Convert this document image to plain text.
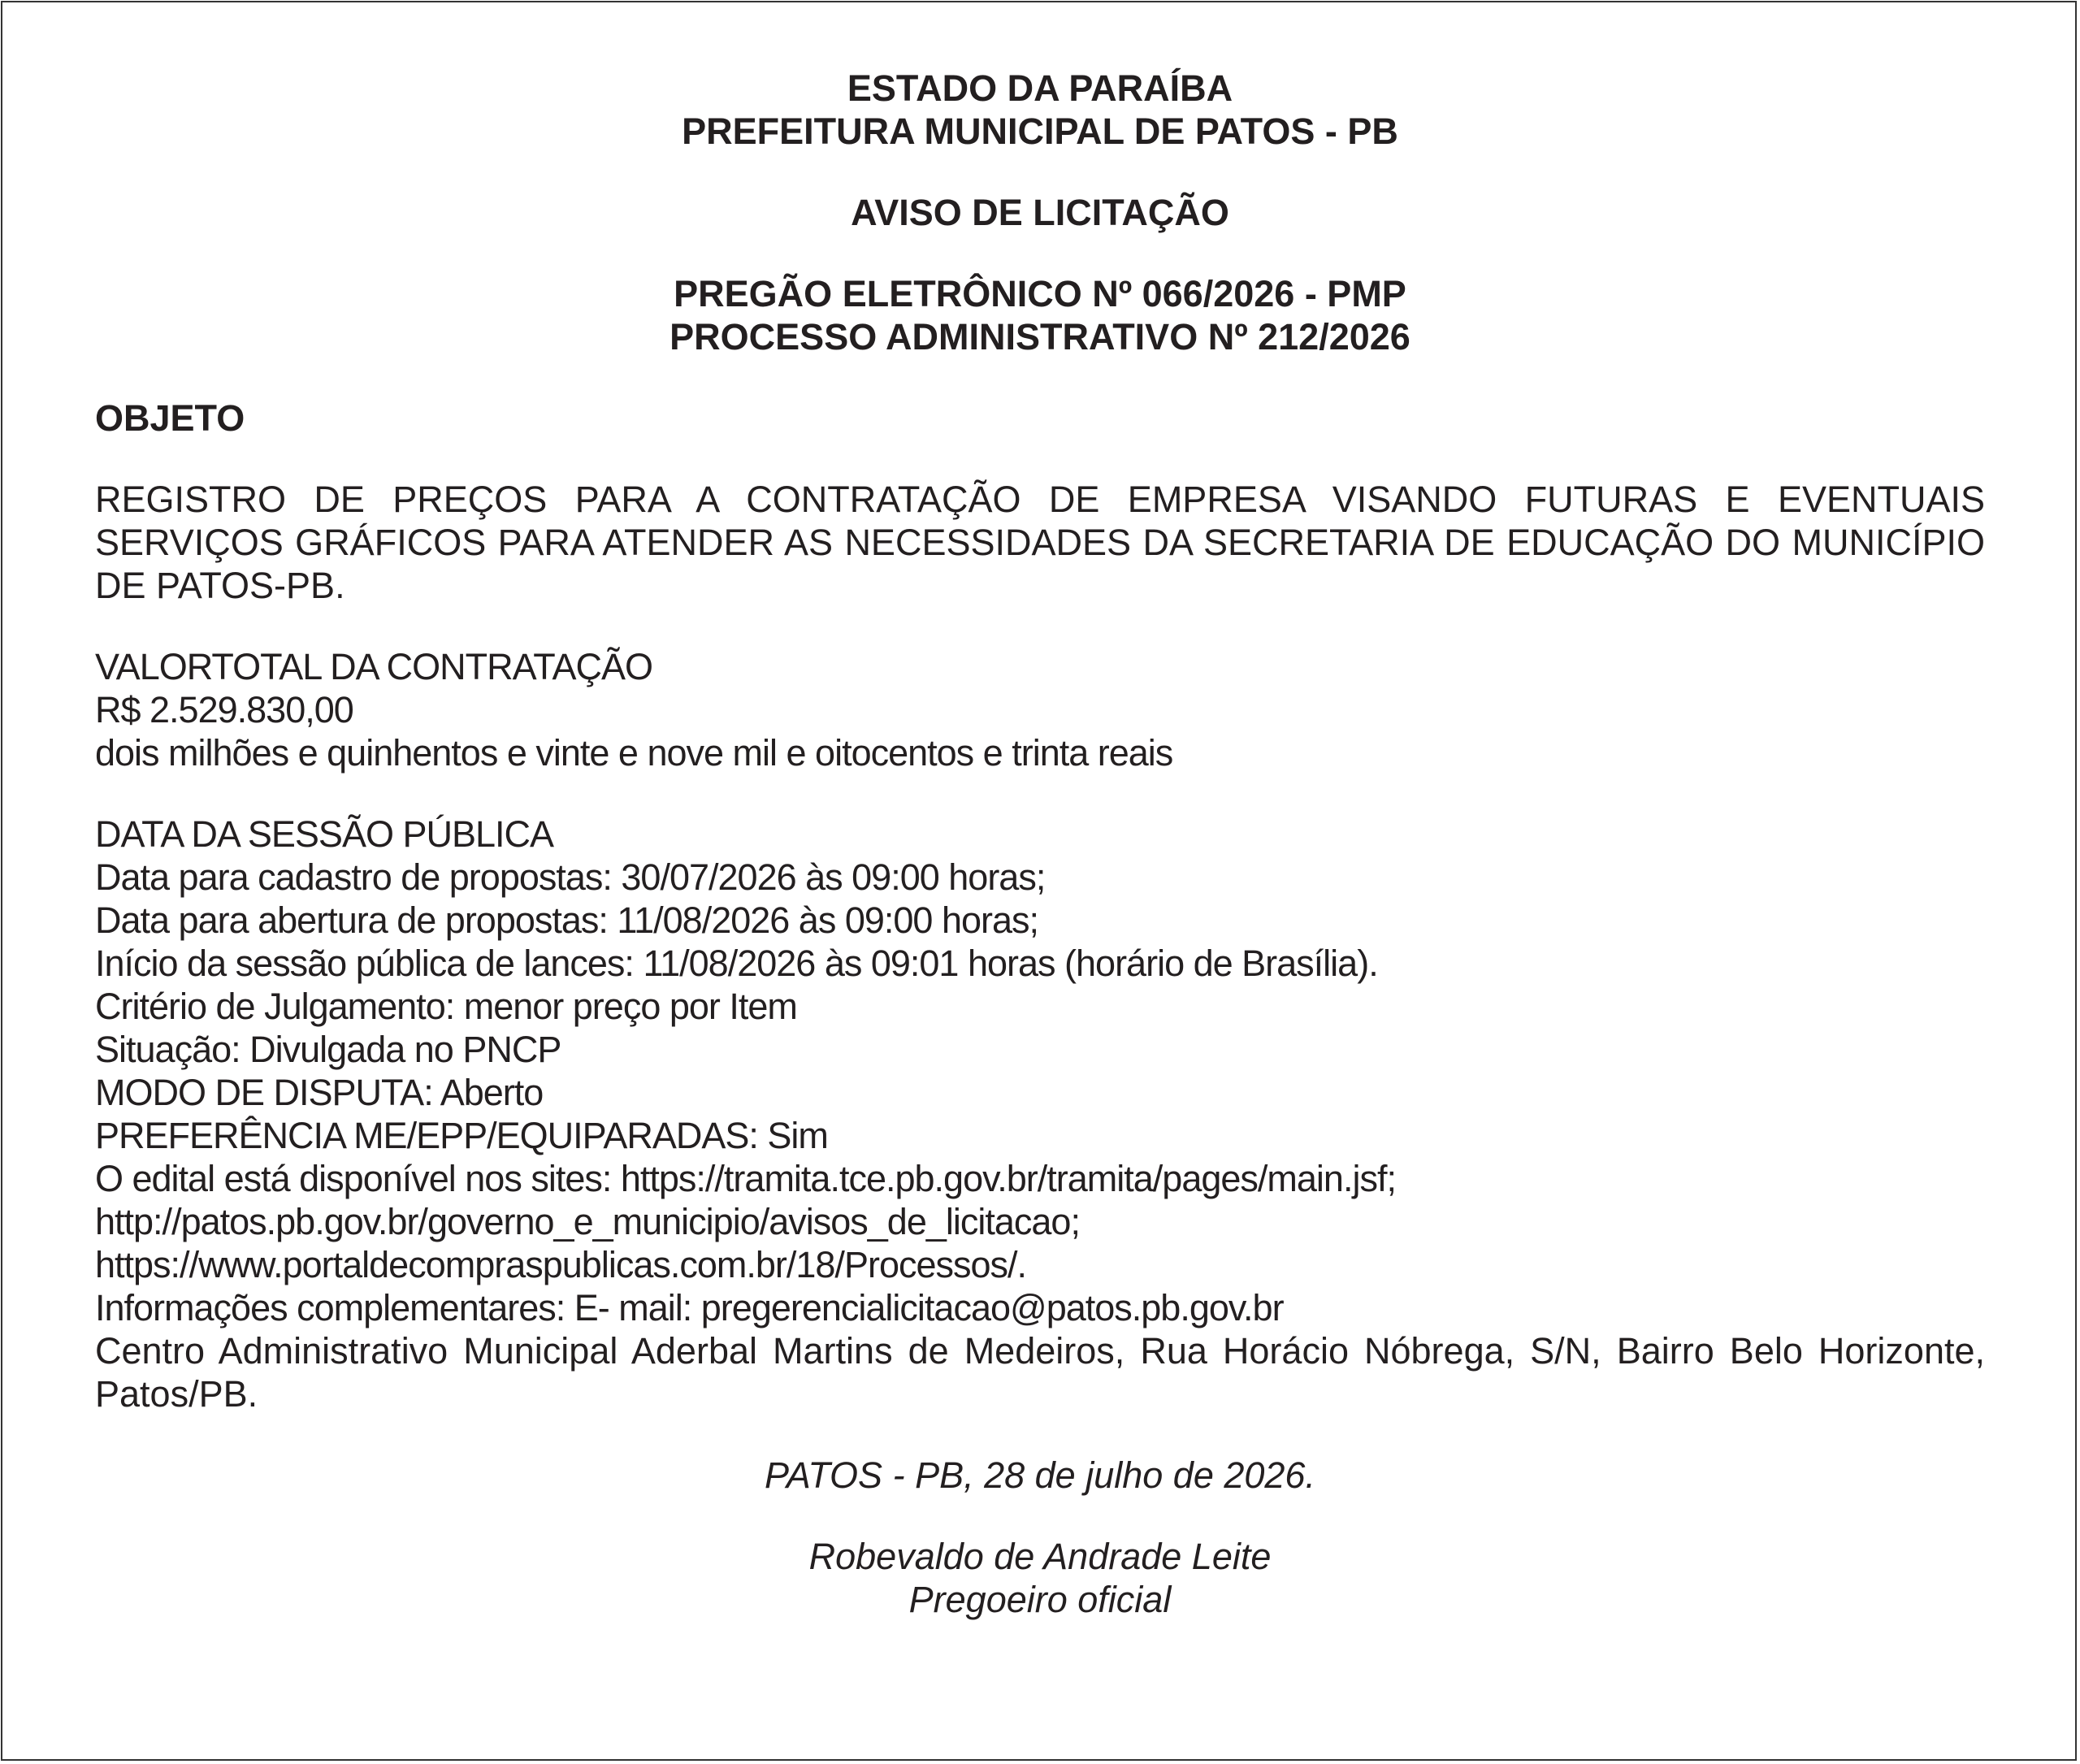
ESTADO DA PARAÍBA
PREFEITURA MUNICIPAL DE PATOS - PB
AVISO DE LICITAÇÃO
PREGÃO ELETRÔNICO Nº 066/2026 - PMP
PROCESSO ADMINISTRATIVO Nº 212/2026
OBJETO
REGISTRO DE PREÇOS PARA A CONTRATAÇÃO DE EMPRESA VISANDO FUTURAS E EVENTUAIS SERVIÇOS GRÁFICOS PARA ATENDER AS NECESSIDADES DA SECRETARIA DE EDUCAÇÃO DO MUNICÍPIO DE PATOS-PB.
VALORTOTAL DA CONTRATAÇÃO
R$ 2.529.830,00
dois milhões e quinhentos e vinte e nove mil e oitocentos e trinta reais
DATA DA SESSÃO PÚBLICA
Data para cadastro de propostas: 30/07/2026 às 09:00 horas;
Data para abertura de propostas: 11/08/2026 às 09:00 horas;
Início da sessão pública de lances: 11/08/2026 às 09:01 horas (horário de Brasília).
Critério de Julgamento: menor preço por Item
Situação: Divulgada no PNCP
MODO DE DISPUTA: Aberto
PREFERÊNCIA ME/EPP/EQUIPARADAS: Sim
O edital está disponível nos sites: https://tramita.tce.pb.gov.br/tramita/pages/main.jsf;
http://patos.pb.gov.br/governo_e_municipio/avisos_de_licitacao;
https://www.portaldecompraspublicas.com.br/18/Processos/.
Informações complementares: E- mail: pregerencialicitacao@patos.pb.gov.br
Centro Administrativo Municipal Aderbal Martins de Medeiros, Rua Horácio Nóbrega, S/N, Bairro Belo Horizonte, Patos/PB.
PATOS - PB, 28 de julho de 2026.
Robevaldo de Andrade Leite
Pregoeiro oficial
